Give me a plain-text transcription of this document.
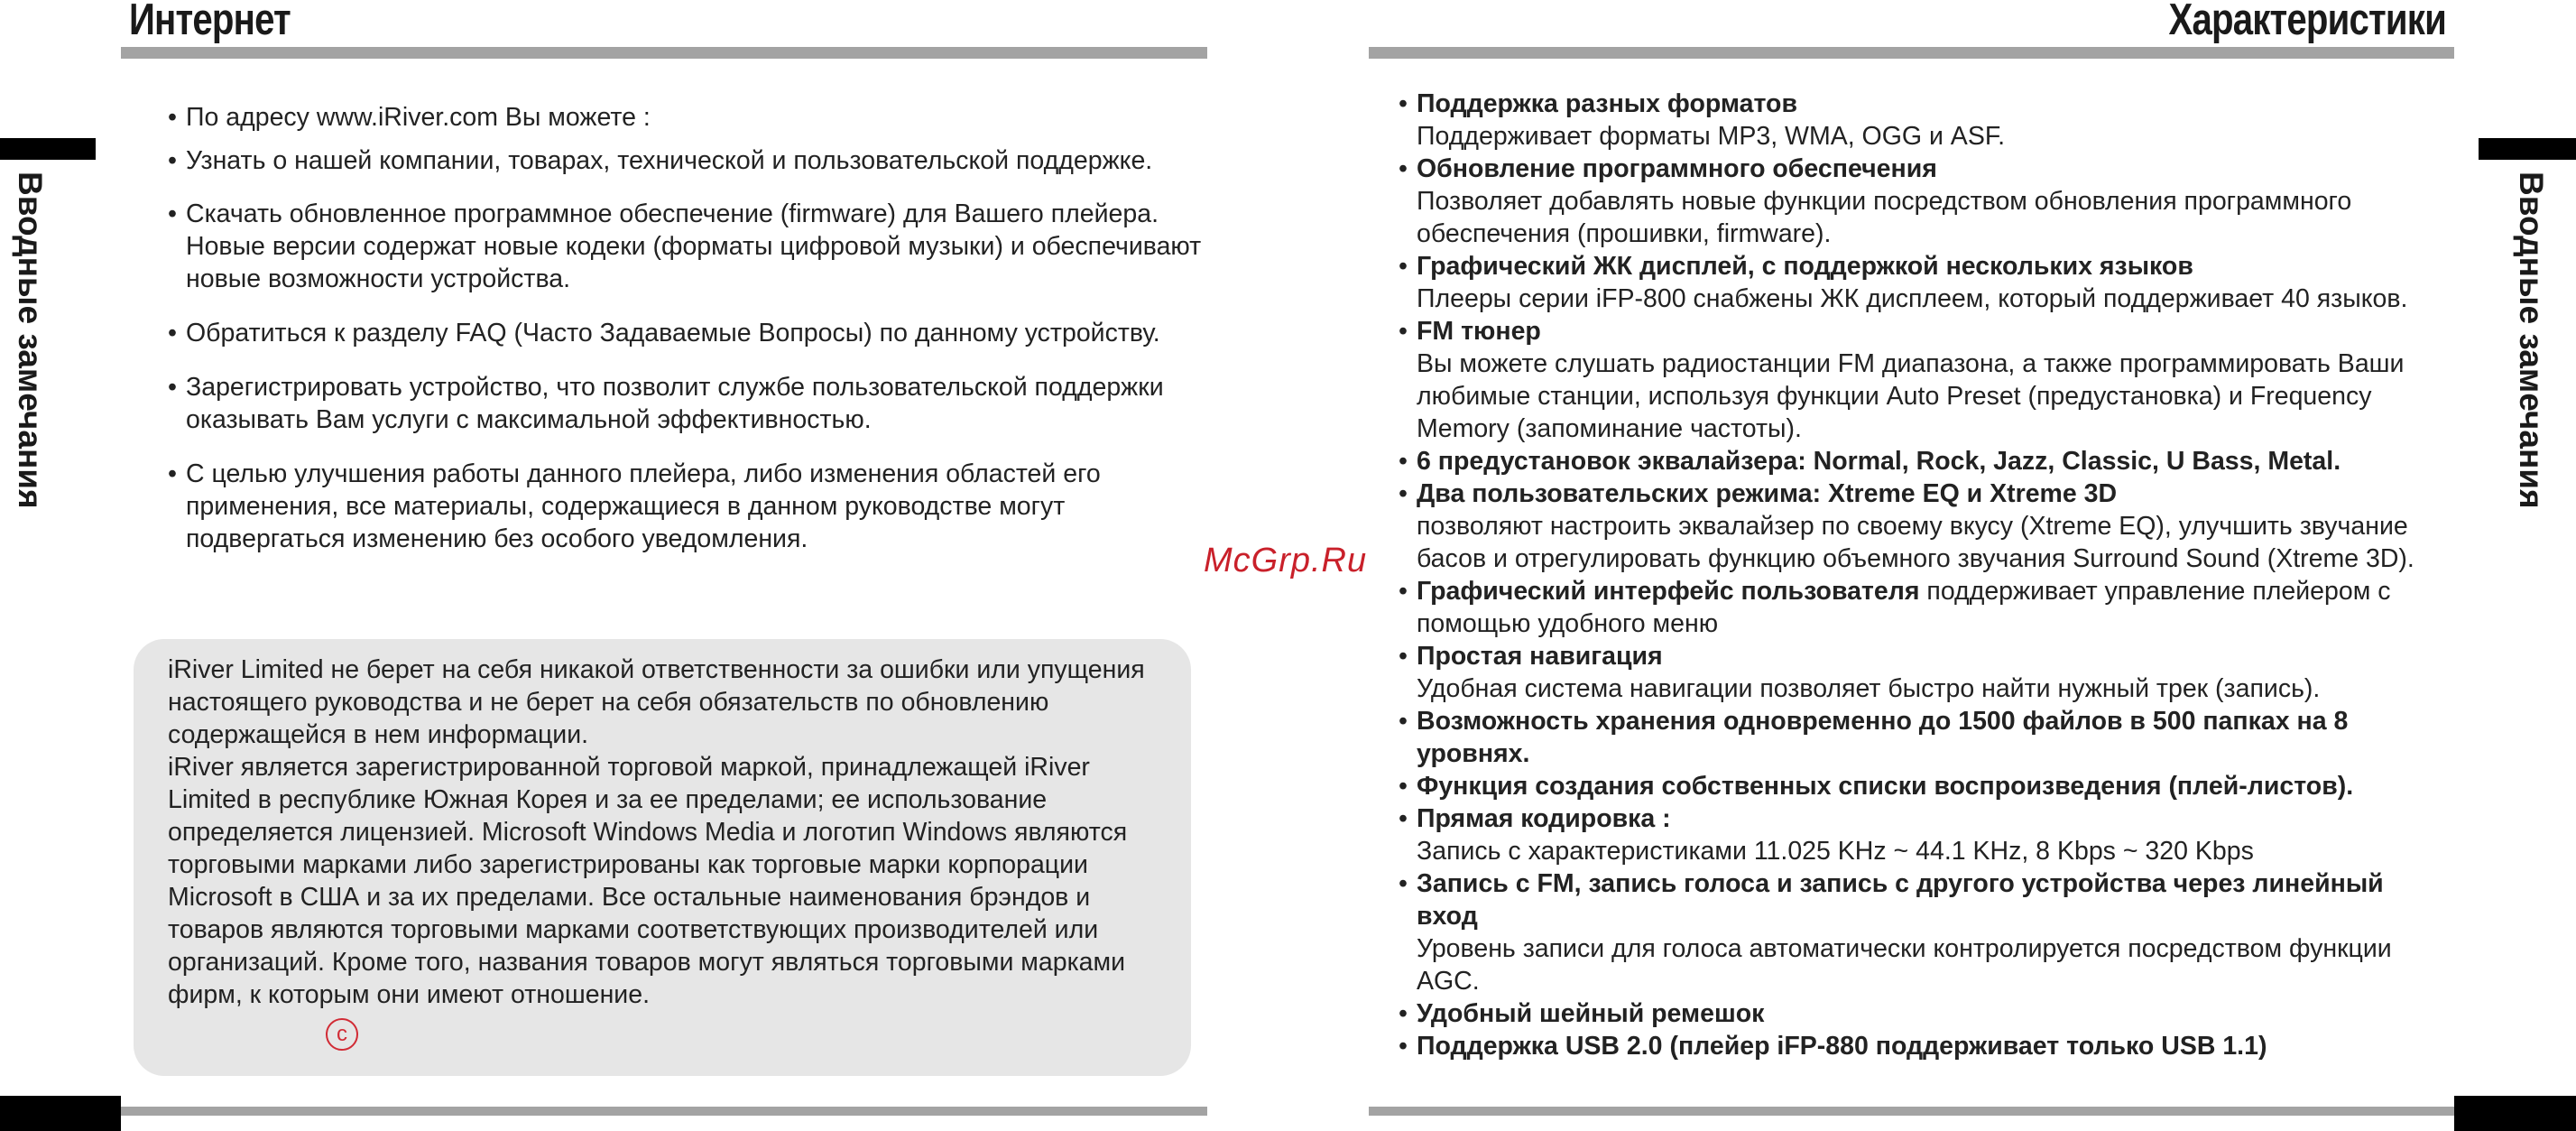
Интернет
Вводные замечания
• По адресу www.iRiver.com Вы можете :
• Узнать о нашей компании, товарах, технической и пользовательской поддержке.
• Скачать обновленное программное обеспечение (firmware) для Вашего плейера. Новые версии содержат новые кодеки (форматы цифровой музыки) и обеспечивают новые возможности устройства.
• Обратиться к разделу FAQ (Часто Задаваемые Вопросы) по данному устройству.
• Зарегистрировать устройство, что позволит службе пользовательской поддержки оказывать Вам услуги с максимальной эффективностью.
• С целью улучшения работы данного плейера, либо изменения областей его применения, все материалы, содержащиеся в данном руководстве могут подвергаться изменению без особого уведомления.
iRiver Limited не берет на себя никакой ответственности за ошибки или упущения настоящего руководства и не берет на себя обязательств по обновлению содержащейся в нем информации.
iRiver является зарегистрированной торговой маркой, принадлежащей iRiver Limited в республике Южная Корея и за ее пределами; ее использование определяется лицензией. Microsoft Windows Media и логотип Windows являются торговыми марками либо зарегистрированы как торговые марки корпорации Microsoft в США и за их пределами. Все остальные наименования брэндов и товаров являются торговыми марками соответствующих производителей или организаций. Кроме того, названия товаров могут являться торговыми марками фирм, к которым они имеют отношение.
c
McGrp.Ru
Характеристики
Вводные замечания
• Поддержка разных форматов
Поддерживает форматы MP3, WMA, OGG и ASF.
• Обновление программного обеспечения
Позволяет добавлять новые функции посредством обновления программного обеспечения (прошивки, firmware).
• Графический ЖК дисплей, с поддержкой нескольких языков
Плееры серии iFP-800 снабжены ЖК дисплеем, который поддерживает 40 языков.
• FM тюнер
Вы можете слушать радиостанции FM диапазона, а также программировать Ваши любимые станции, используя функции Auto Preset (предустановка) и Frequency Memory (запоминание частоты).
• 6 предустановок эквалайзера: Normal, Rock, Jazz, Classic, U Bass, Metal.
• Два пользовательских режима: Xtreme EQ и Xtreme 3D
позволяют настроить эквалайзер по своему вкусу (Xtreme EQ), улучшить звучание басов и отрегулировать функцию объемного звучания Surround Sound (Xtreme 3D).
• Графический интерфейс пользователя поддерживает управление плейером с помощью удобного меню
• Простая навигация
Удобная система навигации позволяет быстро найти нужный трек (запись).
• Возможность хранения одновременно до 1500 файлов в 500 папках на 8 уровнях.
• Функция создания собственных списки воспроизведения (плей-листов).
• Прямая кодировка :
Запись с характеристиками 11.025 KHz ~ 44.1 KHz, 8 Kbps ~ 320 Kbps
• Запись с FM, запись голоса и запись с другого устройства через линейный вход
Уровень записи для голоса автоматически контролируется посредством функции AGC.
• Удобный шейный ремешок
• Поддержка USB 2.0 (плейер iFP-880 поддерживает только USB 1.1)
